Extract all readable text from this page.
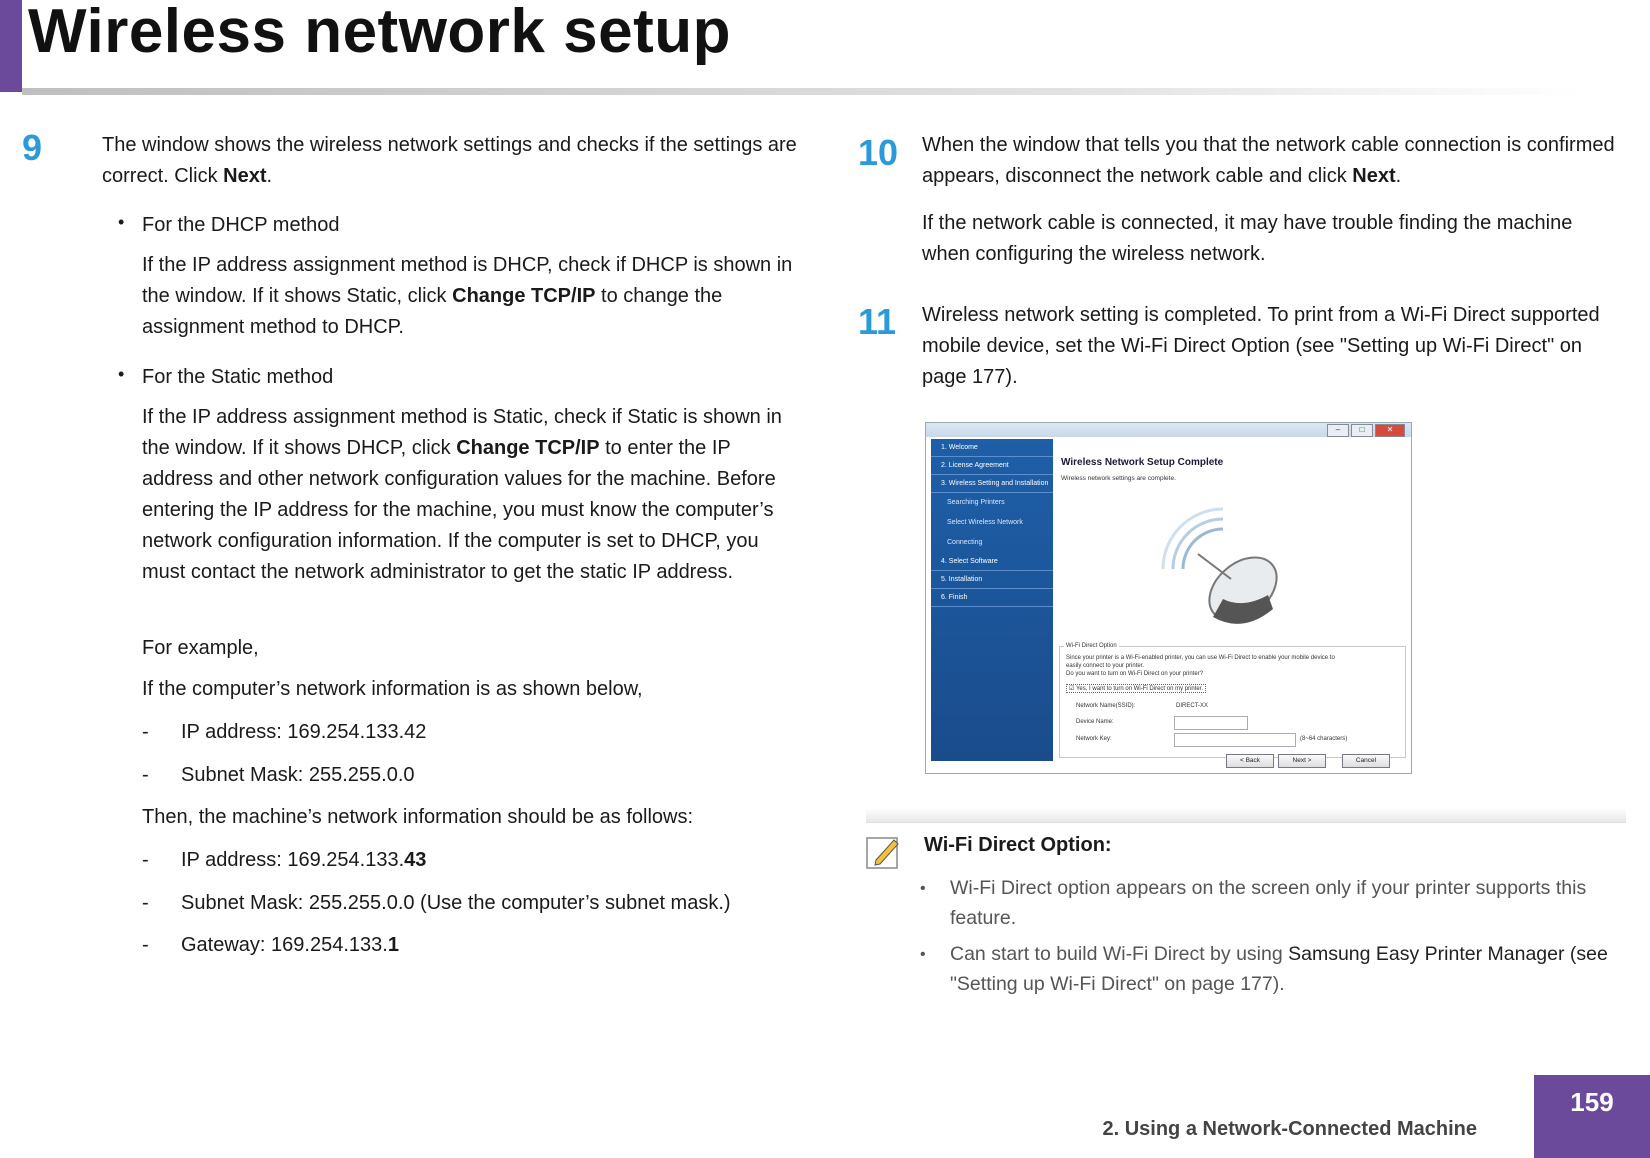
Wireless network setup
9	The window shows the wireless network settings and checks if the settings are correct. Click Next.
• For the DHCP method
If the IP address assignment method is DHCP, check if DHCP is shown in the window. If it shows Static, click Change TCP/IP to change the assignment method to DHCP.
• For the Static method
If the IP address assignment method is Static, check if Static is shown in the window. If it shows DHCP, click Change TCP/IP to enter the IP address and other network configuration values for the machine. Before entering the IP address for the machine, you must know the computer’s network configuration information. If the computer is set to DHCP, you must contact the network administrator to get the static IP address.
For example,
If the computer’s network information is as shown below,
- IP address: 169.254.133.42
- Subnet Mask: 255.255.0.0
Then, the machine’s network information should be as follows:
- IP address: 169.254.133.43
- Subnet Mask: 255.255.0.0 (Use the computer’s subnet mask.)
- Gateway: 169.254.133.1
10 When the window that tells you that the network cable connection is confirmed appears, disconnect the network cable and click Next.
If the network cable is connected, it may have trouble finding the machine when configuring the wireless network.
11 Wireless network setting is completed. To print from a Wi-Fi Direct supported mobile device, set the Wi-Fi Direct Option (see "Setting up Wi-Fi Direct" on page 177).
–	□	✕
1. Welcome
2. License Agreement
3. Wireless Setting and Installation
Searching Printers
Select Wireless Network
Connecting
4. Select Software
5. Installation
6. Finish
Wireless Network Setup Complete
Wireless network settings are complete.
Wi-Fi Direct Option
Since your printer is a Wi-Fi-enabled printer, you can use Wi-Fi Direct to enable your mobile device to
easily connect to your printer.
Do you want to turn on Wi-Fi Direct on your printer?
☑ Yes, I want to turn on Wi-Fi Direct on my printer.
Network Name(SSID):	DIRECT-XX
Device Name:
Network Key:	(8~64 characters)
< Back	Next >	Cancel
Wi-Fi Direct Option:
• Wi-Fi Direct option appears on the screen only if your printer supports this feature.
• Can start to build Wi-Fi Direct by using Samsung Easy Printer Manager (see "Setting up Wi-Fi Direct" on page 177).
2. Using a Network-Connected Machine
159
